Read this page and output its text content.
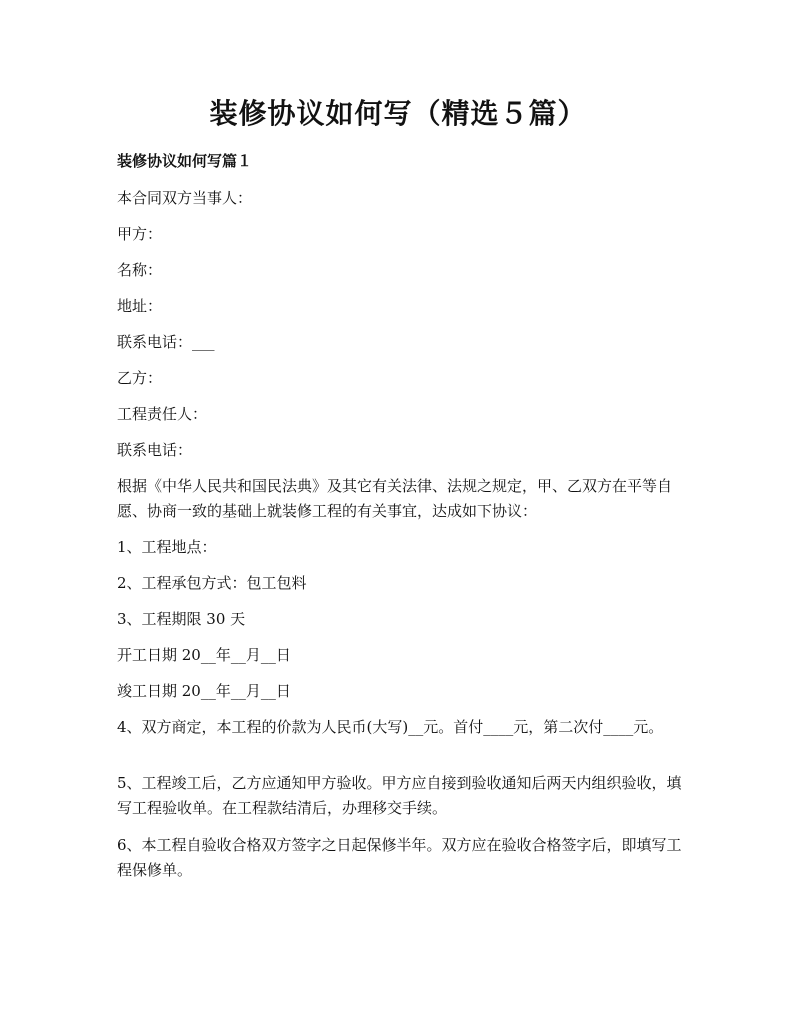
装修协议如何写（精选５篇）
装修协议如何写篇１

本合同双方当事人：

甲方：

名称：

地址：

联系电话：___

乙方：

工程责任人：

联系电话：

根据《中华人民共和国民法典》及其它有关法律、法规之规定，甲、乙双方在平等自愿、协商一致的基础上就装修工程的有关事宜，达成如下协议：

1、工程地点：

2、工程承包方式：包工包料

3、工程期限 30 天

开工日期 20__年__月__日

竣工日期 20__年__月__日

4、双方商定，本工程的价款为人民币(大写)__元。首付____元，第二次付____元。

5、工程竣工后，乙方应通知甲方验收。甲方应自接到验收通知后两天内组织验收，填写工程验收单。在工程款结清后，办理移交手续。

6、本工程自验收合格双方签字之日起保修半年。双方应在验收合格签字后，即填写工程保修单。
